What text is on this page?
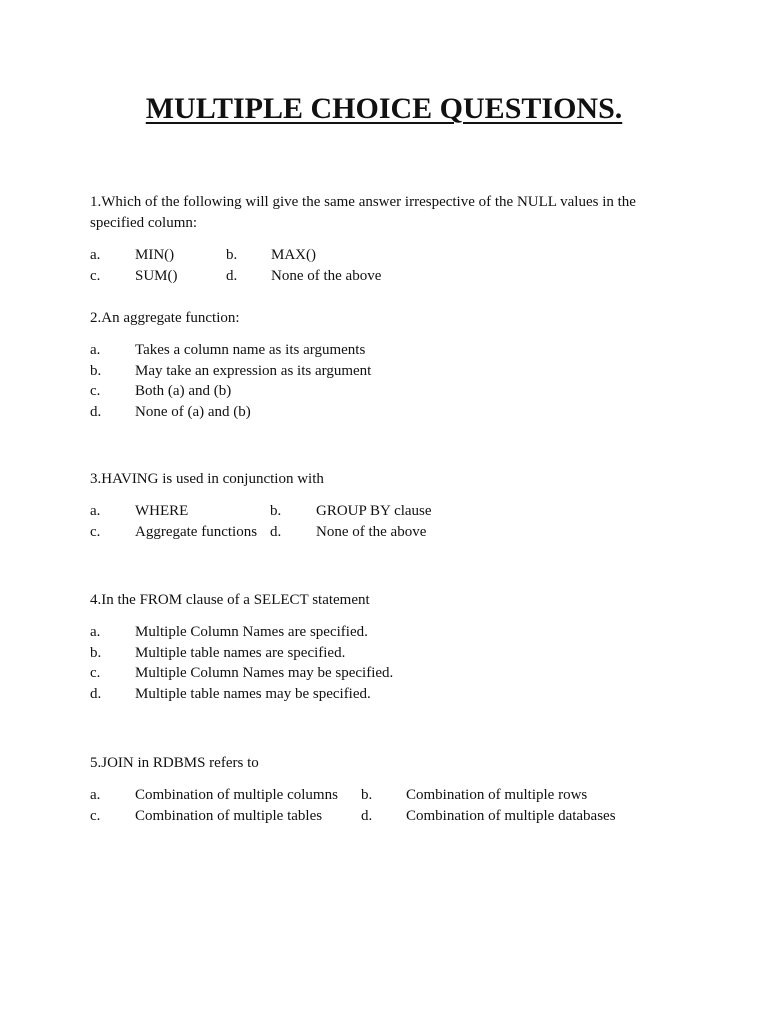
MULTIPLE CHOICE QUESTIONS.

1.Which of the following will give the same answer irrespective of the NULL values in the specified column:

a. MIN()	b. MAX()
c. SUM()	d. None of the above

2.An aggregate function:

a. Takes a column name as its arguments
b. May take an expression as its argument
c. Both (a) and (b)
d. None of (a) and (b)

3.HAVING is used in conjunction with

a. WHERE	b. GROUP BY clause
c. Aggregate functions d. None of the above

4.In the FROM clause of a SELECT statement

a. Multiple Column Names are specified.
b. Multiple table names are specified.
c. Multiple Column Names may be specified.
d. Multiple table names may be specified.

5.JOIN in RDBMS refers to

a. Combination of multiple columns b. Combination of multiple rows
c. Combination of multiple tables	d. Combination of multiple databases
